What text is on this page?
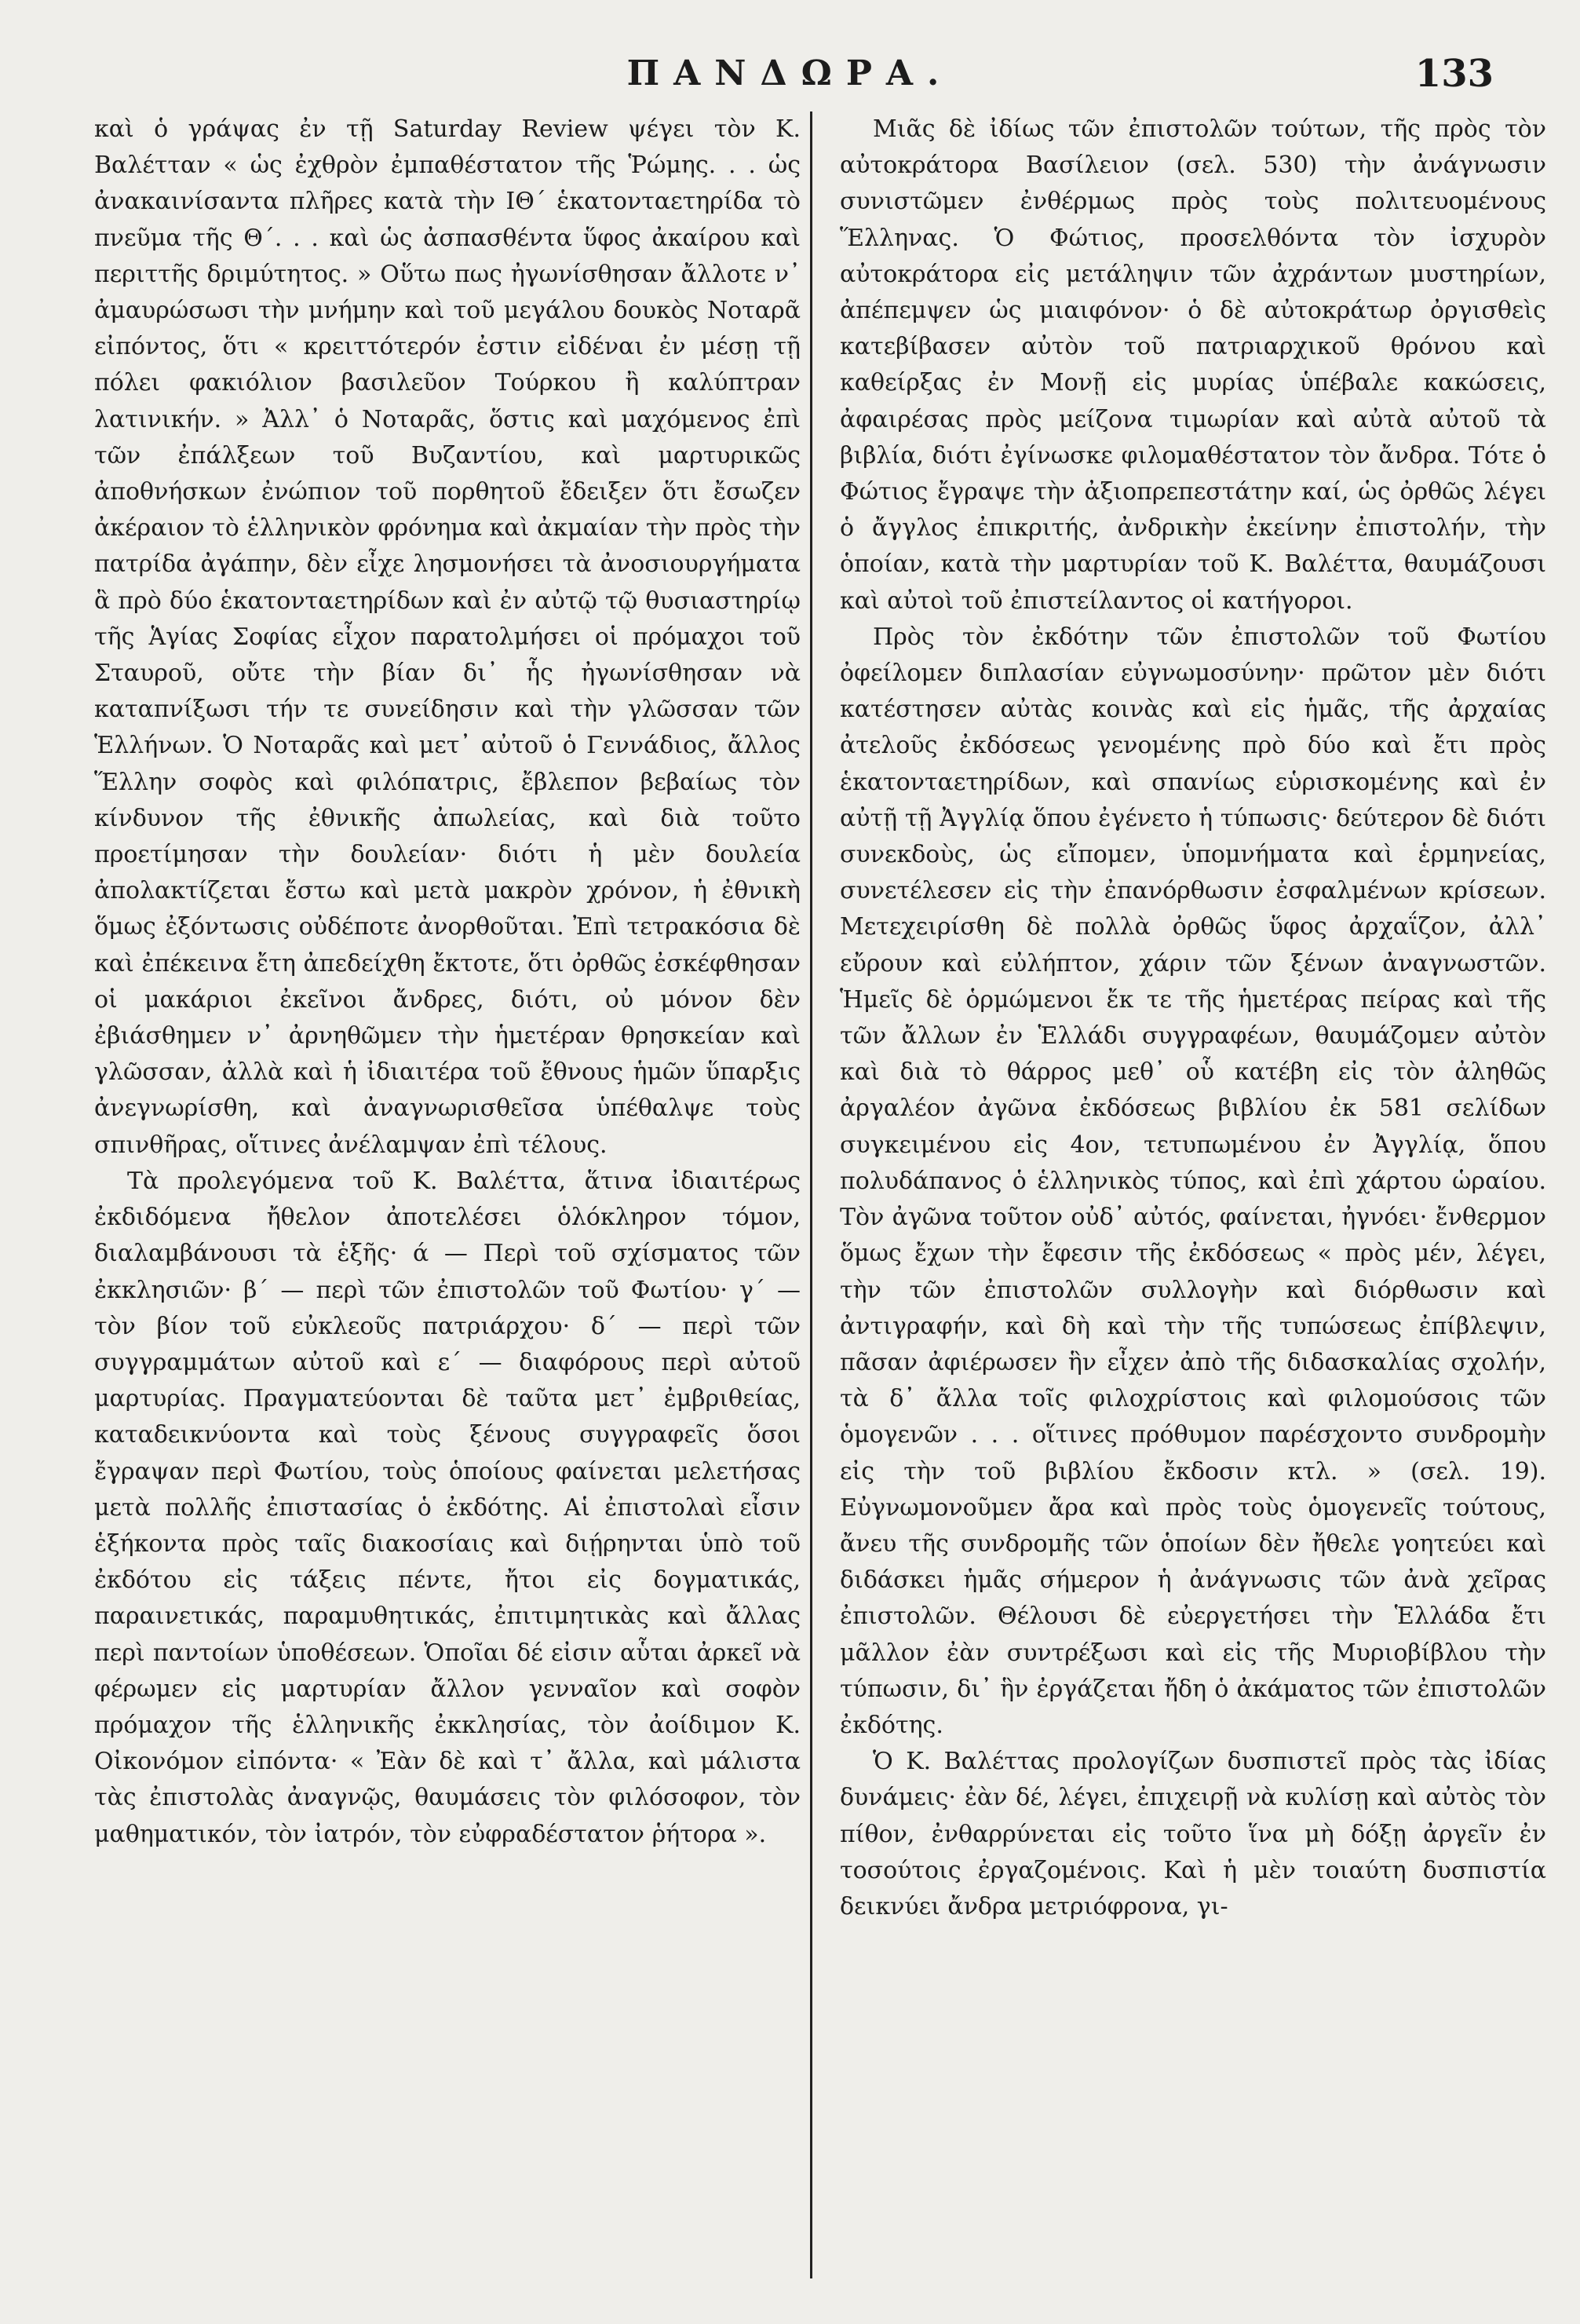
ΠΑΝΔΩΡΑ.	133

καὶ ὁ γράψας ἐν τῇ Saturday Review ψέγει τὸν Κ. Βαλέτταν « ὡς ἐχθρὸν ἐμπαθέστατον τῆς Ῥώμης. . . ὡς ἀνακαινίσαντα πλῆρες κατὰ τὴν ΙΘ΄ ἑκατονταετηρίδα τὸ πνεῦμα τῆς Θ΄. . . καὶ ὡς ἀσπασθέντα ὕφος ἀκαίρου καὶ περιττῆς δριμύτητος. » Οὕτω πως ἠγωνίσθησαν ἄλλοτε ν᾽ ἀμαυρώσωσι τὴν μνήμην καὶ τοῦ μεγάλου δουκὸς Νοταρᾶ εἰπόντος, ὅτι « κρειττότερόν ἐστιν εἰδέναι ἐν μέσῃ τῇ πόλει φακιόλιον βασιλεῦον Τούρκου ἢ καλύπτραν λατινικήν. » Ἀλλ᾽ ὁ Νοταρᾶς, ὅστις καὶ μαχόμενος ἐπὶ τῶν ἐπάλξεων τοῦ Βυζαντίου, καὶ μαρτυρικῶς ἀποθνήσκων ἐνώπιον τοῦ πορθητοῦ ἔδειξεν ὅτι ἔσωζεν ἀκέραιον τὸ ἑλληνικὸν φρόνημα καὶ ἀκμαίαν τὴν πρὸς τὴν πατρίδα ἀγάπην, δὲν εἶχε λησμονήσει τὰ ἀνοσιουργήματα ἃ πρὸ δύο ἑκατονταετηρίδων καὶ ἐν αὐτῷ τῷ θυσιαστηρίῳ τῆς Ἁγίας Σοφίας εἶχον παρατολμήσει οἱ πρόμαχοι τοῦ Σταυροῦ, οὔτε τὴν βίαν δι᾽ ἧς ἠγωνίσθησαν νὰ καταπνίξωσι τήν τε συνείδησιν καὶ τὴν γλῶσσαν τῶν Ἑλλήνων. Ὁ Νοταρᾶς καὶ μετ᾽ αὐτοῦ ὁ Γεννάδιος, ἄλλος Ἕλλην σοφὸς καὶ φιλόπατρις, ἔβλεπον βεβαίως τὸν κίνδυνον τῆς ἐθνικῆς ἀπωλείας, καὶ διὰ τοῦτο προετίμησαν τὴν δουλείαν· διότι ἡ μὲν δουλεία ἀπολακτίζεται ἔστω καὶ μετὰ μακρὸν χρόνον, ἡ ἐθνικὴ ὅμως ἐξόντωσις οὐδέποτε ἀνορθοῦται. Ἐπὶ τετρακόσια δὲ καὶ ἐπέκεινα ἔτη ἀπεδείχθη ἔκτοτε, ὅτι ὀρθῶς ἐσκέφθησαν οἱ μακάριοι ἐκεῖνοι ἄνδρες, διότι, οὐ μόνον δὲν ἐβιάσθημεν ν᾽ ἀρνηθῶμεν τὴν ἡμετέραν θρησκείαν καὶ γλῶσσαν, ἀλλὰ καὶ ἡ ἰδιαιτέρα τοῦ ἔθνους ἡμῶν ὕπαρξις ἀνεγνωρίσθη, καὶ ἀναγνωρισθεῖσα ὑπέθαλψε τοὺς σπινθῆρας, οἵτινες ἀνέλαμψαν ἐπὶ τέλους.

Τὰ προλεγόμενα τοῦ Κ. Βαλέττα, ἅτινα ἰδιαιτέρως ἐκδιδόμενα ἤθελον ἀποτελέσει ὁλόκληρον τόμον, διαλαμβάνουσι τὰ ἑξῆς· ά — Περὶ τοῦ σχίσματος τῶν ἐκκλησιῶν· β΄ — περὶ τῶν ἐπιστολῶν τοῦ Φωτίου· γ΄ — τὸν βίον τοῦ εὐκλεοῦς πατριάρχου· δ΄ — περὶ τῶν συγγραμμάτων αὐτοῦ καὶ ε΄ — διαφόρους περὶ αὐτοῦ μαρτυρίας. Πραγματεύονται δὲ ταῦτα μετ᾽ ἐμβριθείας, καταδεικνύοντα καὶ τοὺς ξένους συγγραφεῖς ὅσοι ἔγραψαν περὶ Φωτίου, τοὺς ὁποίους φαίνεται μελετήσας μετὰ πολλῆς ἐπιστασίας ὁ ἐκδότης. Αἱ ἐπιστολαὶ εἶσιν ἑξήκοντα πρὸς ταῖς διακοσίαις καὶ διῄρηνται ὑπὸ τοῦ ἐκδότου εἰς τάξεις πέντε, ἤτοι εἰς δογματικάς, παραινετικάς, παραμυθητικάς, ἐπιτιμητικὰς καὶ ἄλλας περὶ παντοίων ὑποθέσεων. Ὁποῖαι δέ εἰσιν αὗται ἀρκεῖ νὰ φέρωμεν εἰς μαρτυρίαν ἄλλον γενναῖον καὶ σοφὸν πρόμαχον τῆς ἑλληνικῆς ἐκκλησίας, τὸν ἀοίδιμον Κ. Οἰκονόμον εἰπόντα· « Ἐὰν δὲ καὶ τ᾽ ἄλλα, καὶ μάλιστα τὰς ἐπιστολὰς ἀναγνῷς, θαυμάσεις τὸν φιλόσοφον, τὸν μαθηματικόν, τὸν ἰατρόν, τὸν εὐφραδέστατον ῥήτορα ».

Μιᾶς δὲ ἰδίως τῶν ἐπιστολῶν τούτων, τῆς πρὸς τὸν αὐτοκράτορα Βασίλειον (σελ. 530) τὴν ἀνάγνωσιν συνιστῶμεν ἐνθέρμως πρὸς τοὺς πολιτευομένους Ἕλληνας. Ὁ Φώτιος, προσελθόντα τὸν ἰσχυρὸν αὐτοκράτορα εἰς μετάληψιν τῶν ἀχράντων μυστηρίων, ἀπέπεμψεν ὡς μιαιφόνον· ὁ δὲ αὐτοκράτωρ ὀργισθεὶς κατεβίβασεν αὐτὸν τοῦ πατριαρχικοῦ θρόνου καὶ καθείρξας ἐν Μονῇ εἰς μυρίας ὑπέβαλε κακώσεις, ἀφαιρέσας πρὸς μείζονα τιμωρίαν καὶ αὐτὰ αὐτοῦ τὰ βιβλία, διότι ἐγίνωσκε φιλομαθέστατον τὸν ἄνδρα. Τότε ὁ Φώτιος ἔγραψε τὴν ἀξιοπρεπεστάτην καί, ὡς ὀρθῶς λέγει ὁ ἄγγλος ἐπικριτής, ἀνδρικὴν ἐκείνην ἐπιστολήν, τὴν ὁποίαν, κατὰ τὴν μαρτυρίαν τοῦ Κ. Βαλέττα, θαυμάζουσι καὶ αὐτοὶ τοῦ ἐπιστείλαντος οἱ κατήγοροι.

Πρὸς τὸν ἐκδότην τῶν ἐπιστολῶν τοῦ Φωτίου ὀφείλομεν διπλασίαν εὐγνωμοσύνην· πρῶτον μὲν διότι κατέστησεν αὐτὰς κοινὰς καὶ εἰς ἡμᾶς, τῆς ἀρχαίας ἀτελοῦς ἐκδόσεως γενομένης πρὸ δύο καὶ ἔτι πρὸς ἑκατονταετηρίδων, καὶ σπανίως εὑρισκομένης καὶ ἐν αὐτῇ τῇ Ἀγγλίᾳ ὅπου ἐγένετο ἡ τύπωσις· δεύτερον δὲ διότι συνεκδοὺς, ὡς εἴπομεν, ὑπομνήματα καὶ ἑρμηνείας, συνετέλεσεν εἰς τὴν ἐπανόρθωσιν ἐσφαλμένων κρίσεων. Μετεχειρίσθη δὲ πολλὰ ὀρθῶς ὕφος ἀρχαΐζον, ἀλλ᾽ εὔρουν καὶ εὐλήπτον, χάριν τῶν ξένων ἀναγνωστῶν. Ἡμεῖς δὲ ὁρμώμενοι ἔκ τε τῆς ἡμετέρας πείρας καὶ τῆς τῶν ἄλλων ἐν Ἑλλάδι συγγραφέων, θαυμάζομεν αὐτὸν καὶ διὰ τὸ θάρρος μεθ᾽ οὗ κατέβη εἰς τὸν ἀληθῶς ἀργαλέον ἀγῶνα ἐκδόσεως βιβλίου ἐκ 581 σελίδων συγκειμένου εἰς 4ον, τετυπωμένου ἐν Ἀγγλίᾳ, ὅπου πολυδάπανος ὁ ἑλληνικὸς τύπος, καὶ ἐπὶ χάρτου ὡραίου. Τὸν ἀγῶνα τοῦτον οὐδ᾽ αὐτός, φαίνεται, ἠγνόει· ἔνθερμον ὅμως ἔχων τὴν ἔφεσιν τῆς ἐκδόσεως « πρὸς μέν, λέγει, τὴν τῶν ἐπιστολῶν συλλογὴν καὶ διόρθωσιν καὶ ἀντιγραφήν, καὶ δὴ καὶ τὴν τῆς τυπώσεως ἐπίβλεψιν, πᾶσαν ἀφιέρωσεν ἣν εἶχεν ἀπὸ τῆς διδασκαλίας σχολήν, τὰ δ᾽ ἄλλα τοῖς φιλοχρίστοις καὶ φιλομούσοις τῶν ὁμογενῶν . . . οἵτινες πρόθυμον παρέσχοντο συνδρομὴν εἰς τὴν τοῦ βιβλίου ἔκδοσιν κτλ. » (σελ. 19). Εὐγνωμονοῦμεν ἄρα καὶ πρὸς τοὺς ὁμογενεῖς τούτους, ἄνευ τῆς συνδρομῆς τῶν ὁποίων δὲν ἤθελε γοητεύει καὶ διδάσκει ἡμᾶς σήμερον ἡ ἀνάγνωσις τῶν ἀνὰ χεῖρας ἐπιστολῶν. Θέλουσι δὲ εὐεργετήσει τὴν Ἑλλάδα ἔτι μᾶλλον ἐὰν συντρέξωσι καὶ εἰς τῆς Μυριοβίβλου τὴν τύπωσιν, δι᾽ ἣν ἐργάζεται ἤδη ὁ ἀκάματος τῶν ἐπιστολῶν ἐκδότης.

Ὁ Κ. Βαλέττας προλογίζων δυσπιστεῖ πρὸς τὰς ἰδίας δυνάμεις· ἐὰν δέ, λέγει, ἐπιχειρῇ νὰ κυλίσῃ καὶ αὐτὸς τὸν πίθον, ἐνθαρρύνεται εἰς τοῦτο ἵνα μὴ δόξῃ ἀργεῖν ἐν τοσούτοις ἐργαζομένοις. Καὶ ἡ μὲν τοιαύτη δυσπιστία δεικνύει ἄνδρα μετριόφρονα, γι-
